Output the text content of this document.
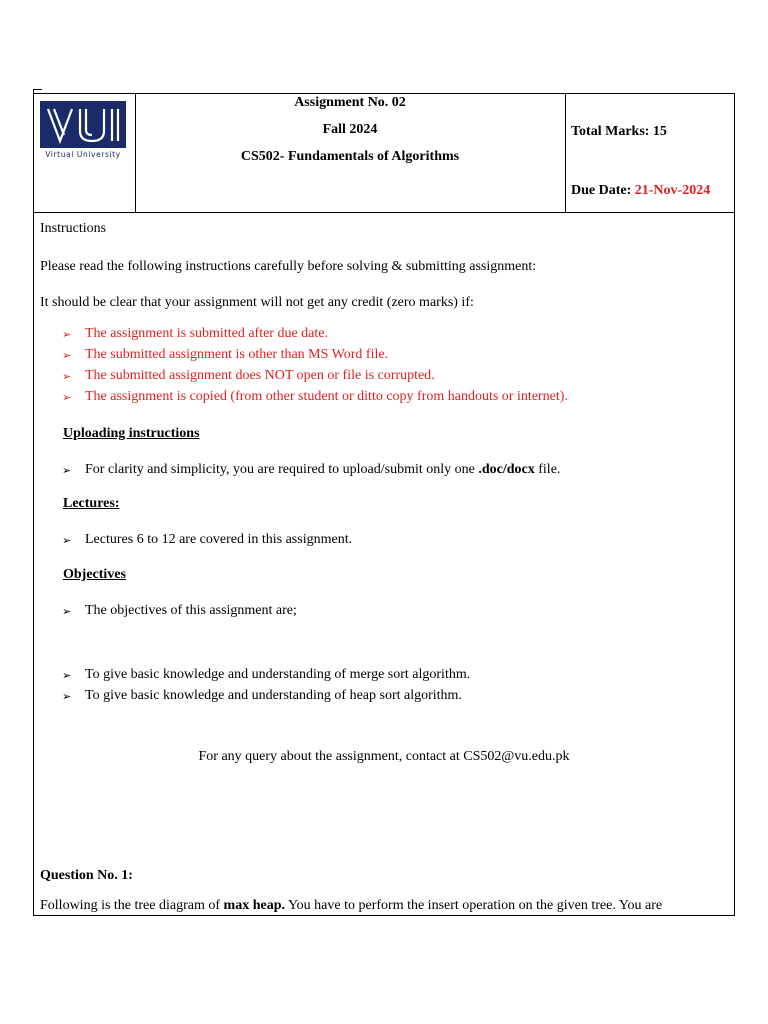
Virtual University
Assignment No. 02
Fall 2024
CS502- Fundamentals of Algorithms
Total Marks: 15
Due Date: 21-Nov-2024
Instructions
Please read the following instructions carefully before solving & submitting assignment:
It should be clear that your assignment will not get any credit (zero marks) if:
➢ The assignment is submitted after due date.
➢ The submitted assignment is other than MS Word file.
➢ The submitted assignment does NOT open or file is corrupted.
➢ The assignment is copied (from other student or ditto copy from handouts or internet).
Uploading instructions
➢ For clarity and simplicity, you are required to upload/submit only one .doc/docx file.
Lectures:
➢ Lectures 6 to 12 are covered in this assignment.
Objectives
➢ The objectives of this assignment are;
➢ To give basic knowledge and understanding of merge sort algorithm.
➢ To give basic knowledge and understanding of heap sort algorithm.
For any query about the assignment, contact at CS502@vu.edu.pk
Question No. 1:
Following is the tree diagram of max heap. You have to perform the insert operation on the given tree. You are
